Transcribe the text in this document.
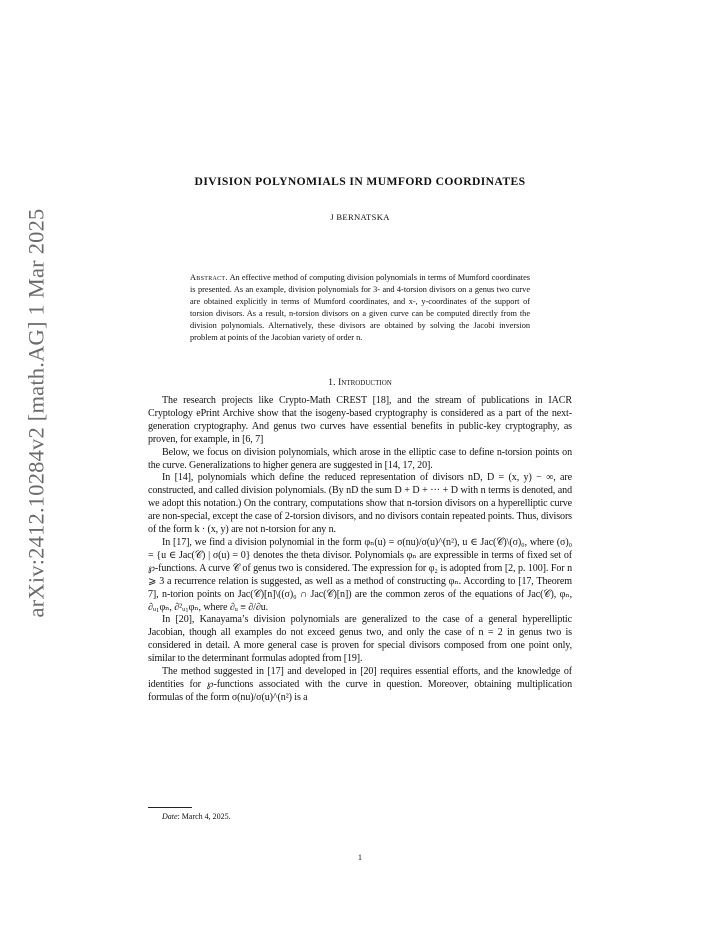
arXiv:2412.10284v2 [math.AG] 1 Mar 2025
DIVISION POLYNOMIALS IN MUMFORD COORDINATES
J BERNATSKA
Abstract. An effective method of computing division polynomials in terms of Mumford coordinates is presented. As an example, division polynomials for 3- and 4-torsion divisors on a genus two curve are obtained explicitly in terms of Mumford coordinates, and x-, y-coordinates of the support of torsion divisors. As a result, n-torsion divisors on a given curve can be computed directly from the division polynomials. Alternatively, these divisors are obtained by solving the Jacobi inversion problem at points of the Jacobian variety of order n.
1. Introduction

The research projects like Crypto-Math CREST [18], and the stream of publications in IACR Cryptology ePrint Archive show that the isogeny-based cryptography is considered as a part of the next-generation cryptography. And genus two curves have essential benefits in public-key cryptography, as proven, for example, in [6, 7]

Below, we focus on division polynomials, which arose in the elliptic case to define n-torsion points on the curve. Generalizations to higher genera are suggested in [14, 17, 20].

In [14], polynomials which define the reduced representation of divisors nD, D = (x, y) − ∞, are constructed, and called division polynomials. (By nD the sum D + D + ··· + D with n terms is denoted, and we adopt this notation.) On the contrary, computations show that n-torsion divisors on a hyperelliptic curve are non-special, except the case of 2-torsion divisors, and no divisors contain repeated points. Thus, divisors of the form k · (x, y) are not n-torsion for any n.

In [17], we find a division polynomial in the form φₙ(u) = σ(nu)/σ(u)^(n²), u ∈ Jac(𝒞)\(σ)₀, where (σ)₀ = {u ∈ Jac(𝒞) | σ(u) = 0} denotes the theta divisor. Polynomials φₙ are expressible in terms of fixed set of ℘-functions. A curve 𝒞 of genus two is considered. The expression for φ₂ is adopted from [2, p. 100]. For n ⩾ 3 a recurrence relation is suggested, as well as a method of constructing φₙ. According to [17, Theorem 7], n-torion points on Jac(𝒞)[n]\((σ)₀ ∩ Jac(𝒞)[n]) are the common zeros of the equations of Jac(𝒞), φₙ, ∂ᵤ₁φₙ, ∂²ᵤ₁φₙ, where ∂ᵤ ≡ ∂/∂u.

In [20], Kanayama’s division polynomials are generalized to the case of a general hyperelliptic Jacobian, though all examples do not exceed genus two, and only the case of n = 2 in genus two is considered in detail. A more general case is proven for special divisors composed from one point only, similar to the determinant formulas adopted from [19].

The method suggested in [17] and developed in [20] requires essential efforts, and the knowledge of identities for ℘-functions associated with the curve in question. Moreover, obtaining multiplication formulas of the form σ(nu)/σ(u)^(n²) is a

Date: March 4, 2025.
1
